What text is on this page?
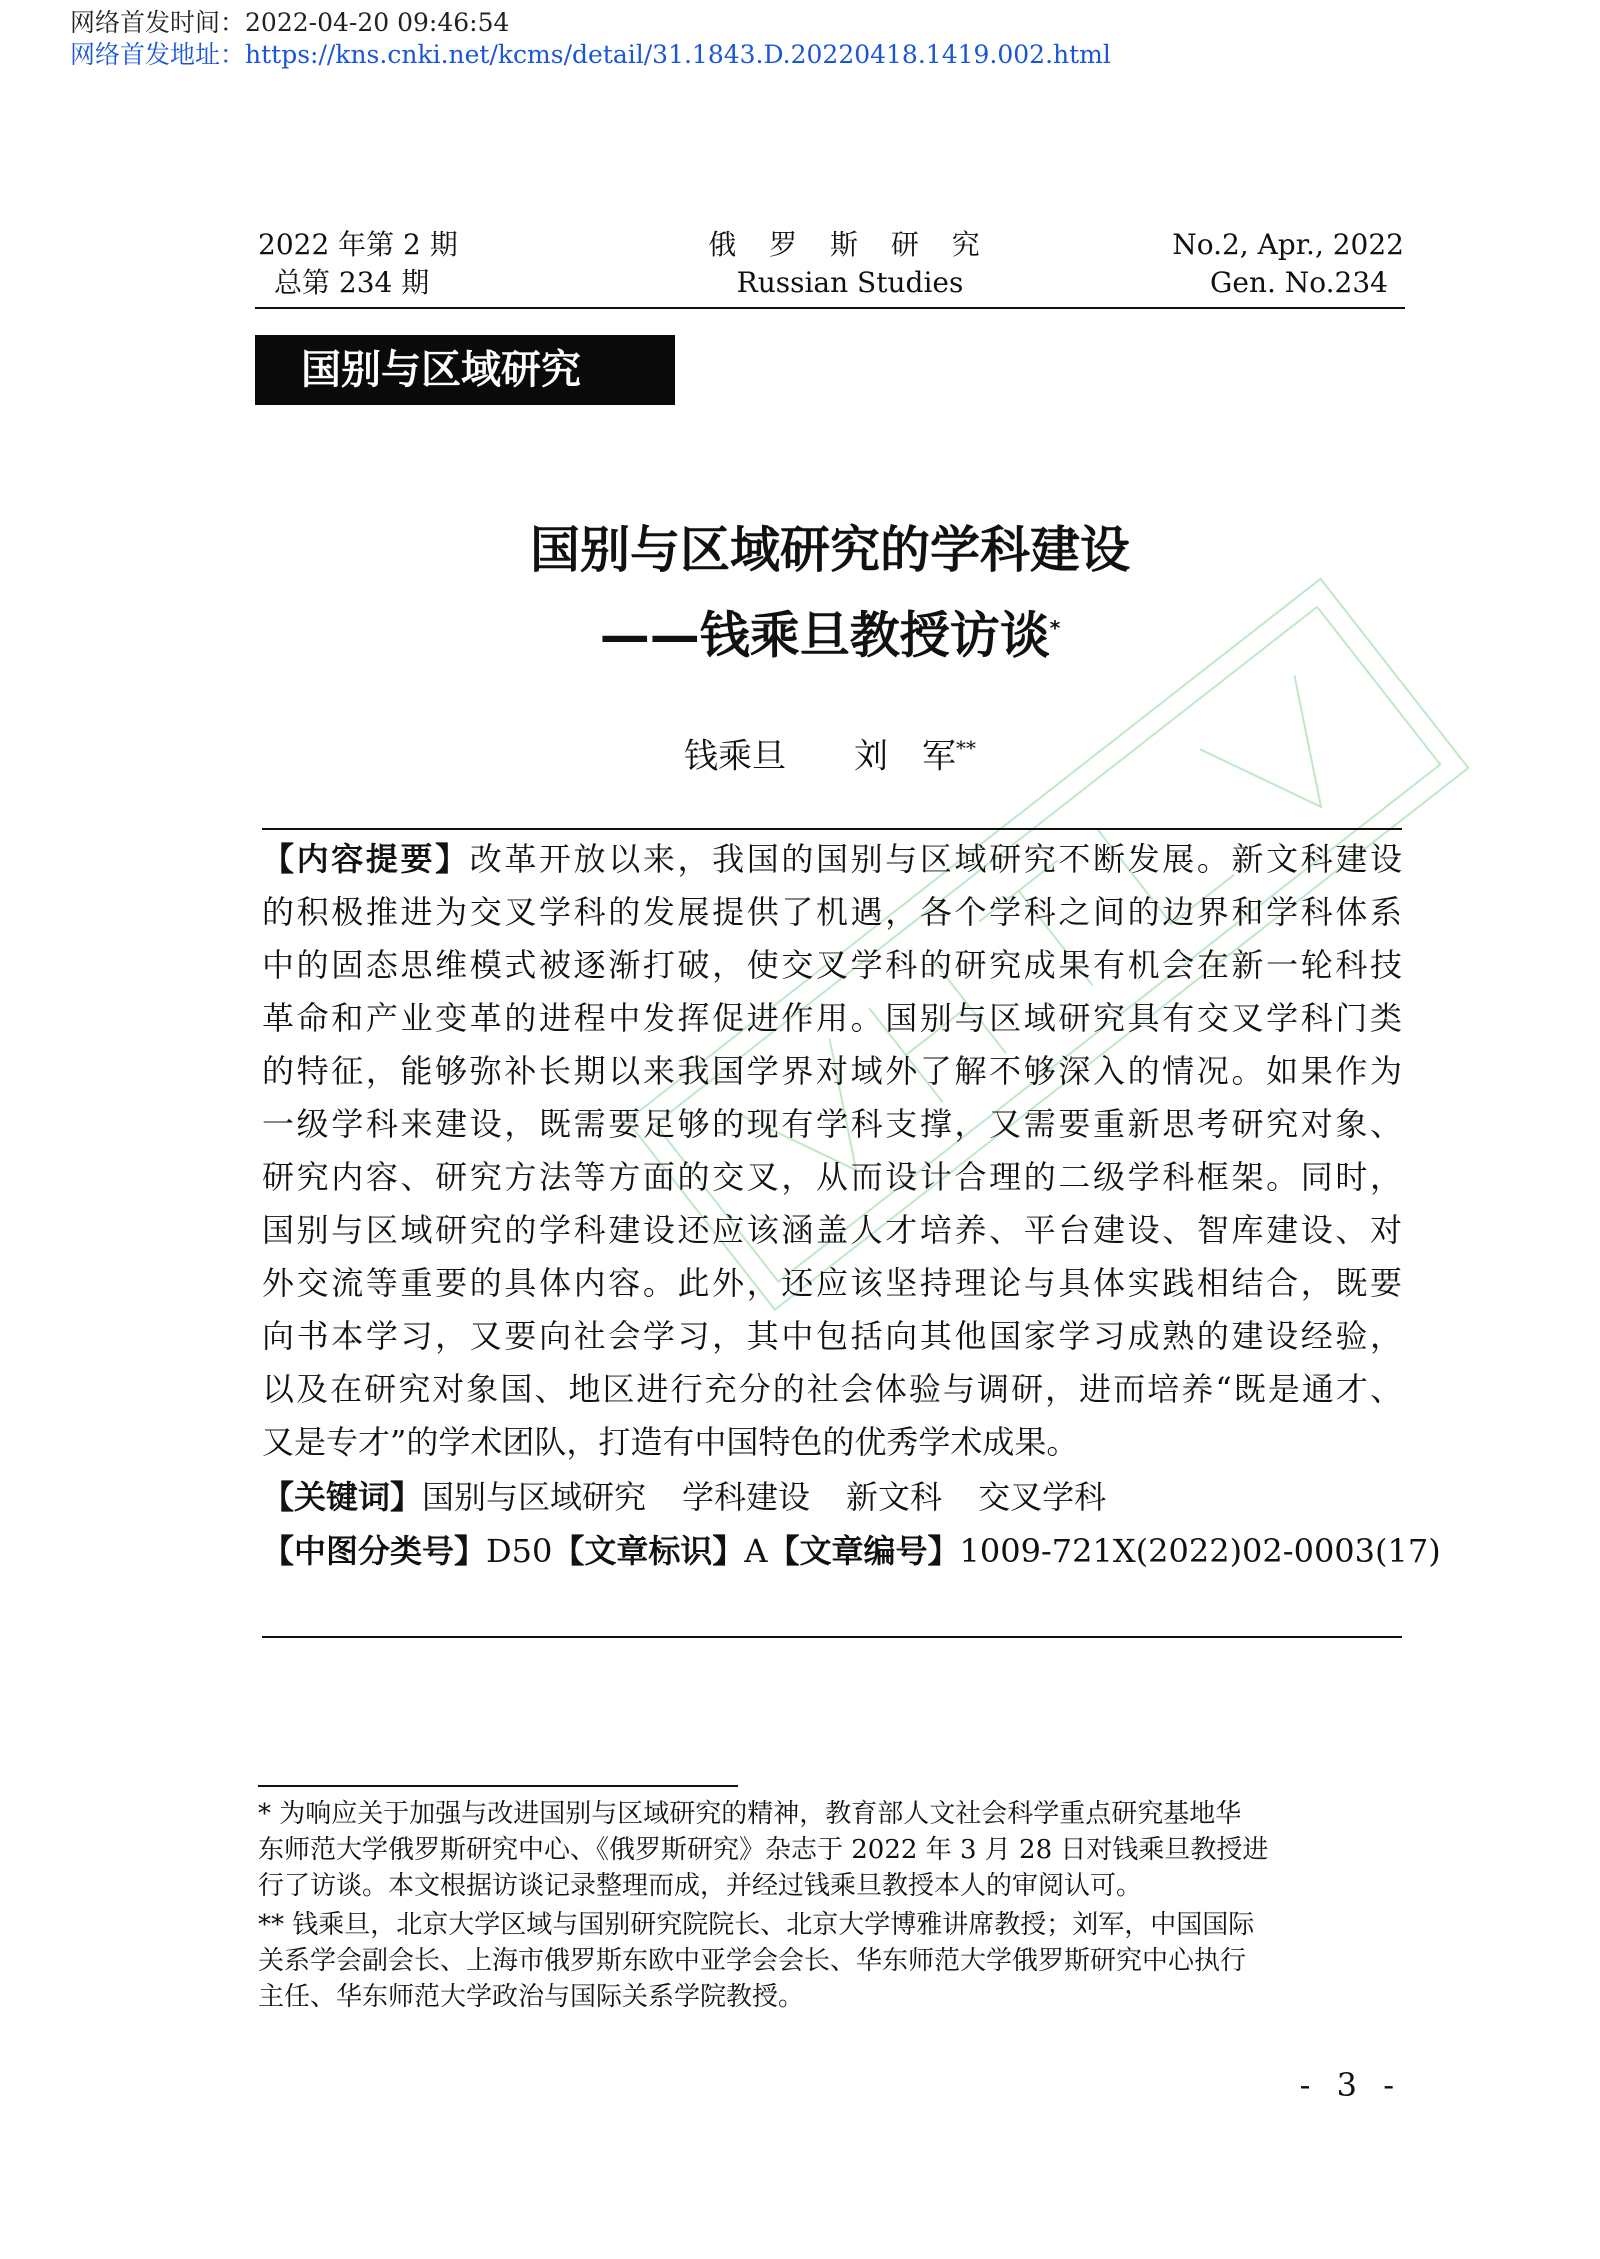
网络首发时间：2022-04-20 09:46:54
网络首发地址：https://kns.cnki.net/kcms/detail/31.1843.D.20220418.1419.002.html
2022 年第 2 期
总第 234 期
俄 罗 斯 研 究
Russian Studies
No.2, Apr., 2022
Gen. No.234
国别与区域研究
国别与区域研究的学科建设
——钱乘旦教授访谈*
钱乘旦　　 刘　军**
【内容提要】改革开放以来，我国的国别与区域研究不断发展。新文科建设
的积极推进为交叉学科的发展提供了机遇，各个学科之间的边界和学科体系
中的固态思维模式被逐渐打破，使交叉学科的研究成果有机会在新一轮科技
革命和产业变革的进程中发挥促进作用。国别与区域研究具有交叉学科门类
的特征，能够弥补长期以来我国学界对域外了解不够深入的情况。如果作为
一级学科来建设，既需要足够的现有学科支撑，又需要重新思考研究对象、
研究内容、研究方法等方面的交叉，从而设计合理的二级学科框架。同时，
国别与区域研究的学科建设还应该涵盖人才培养、平台建设、智库建设、对
外交流等重要的具体内容。此外，还应该坚持理论与具体实践相结合，既要
向书本学习，又要向社会学习，其中包括向其他国家学习成熟的建设经验，
以及在研究对象国、地区进行充分的社会体验与调研，进而培养“既是通才、
又是专才”的学术团队，打造有中国特色的优秀学术成果。
【关键词】国别与区域研究 学科建设 新文科 交叉学科
【中图分类号】D50【文章标识】A【文章编号】1009-721X(2022)02-0003(17)
* 为响应关于加强与改进国别与区域研究的精神，教育部人文社会科学重点研究基地华
东师范大学俄罗斯研究中心、《俄罗斯研究》杂志于 2022 年 3 月 28 日对钱乘旦教授进
行了访谈。本文根据访谈记录整理而成，并经过钱乘旦教授本人的审阅认可。
** 钱乘旦，北京大学区域与国别研究院院长、北京大学博雅讲席教授；刘军，中国国际
关系学会副会长、上海市俄罗斯东欧中亚学会会长、华东师范大学俄罗斯研究中心执行
主任、华东师范大学政治与国际关系学院教授。
- 3 -
